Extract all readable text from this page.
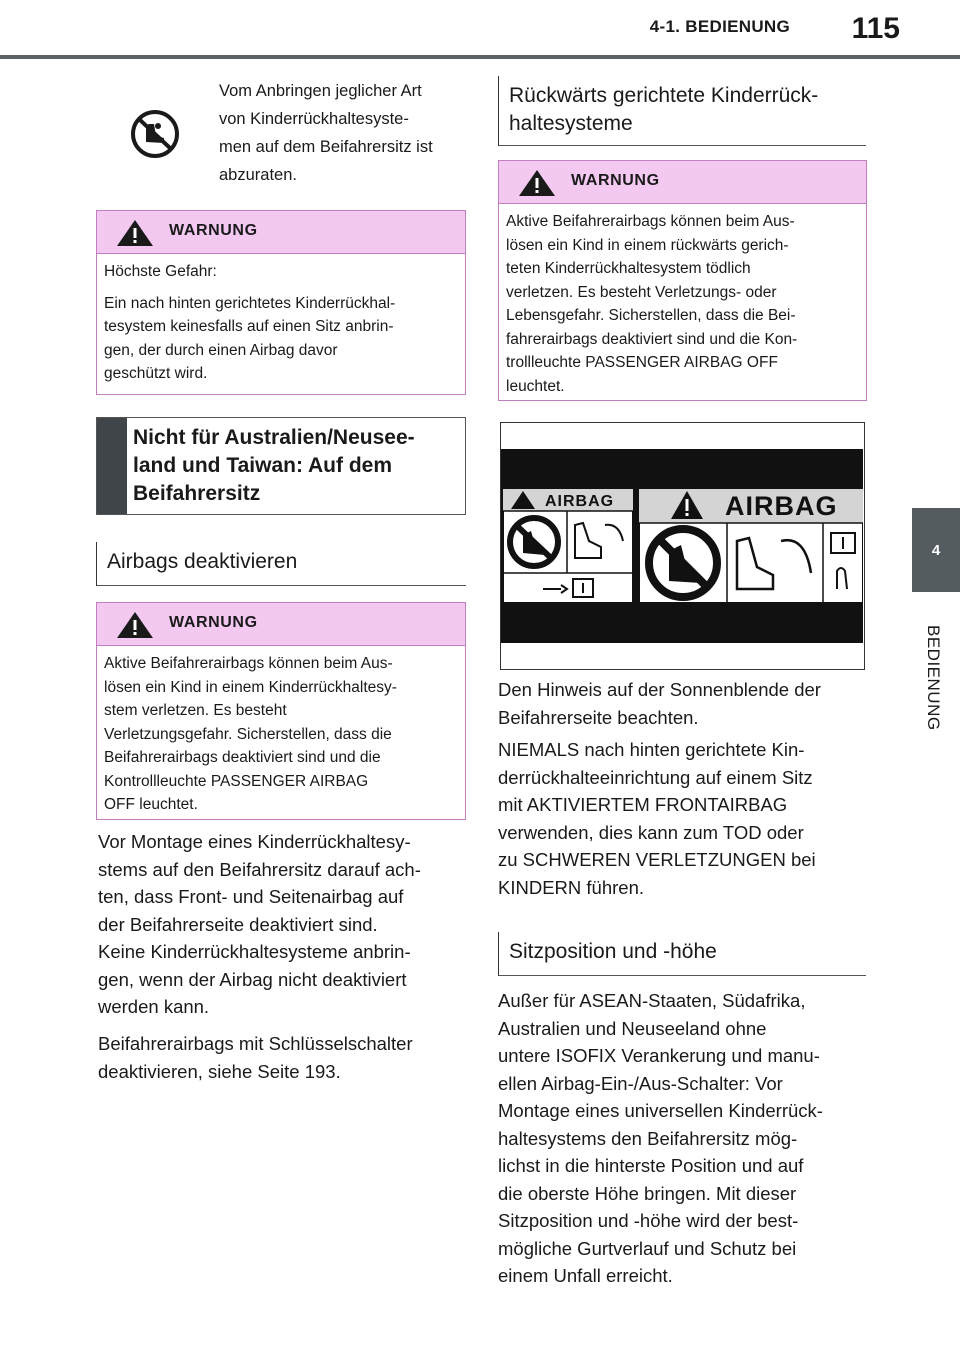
4-1. BEDIENUNG 115
4
BEDIENUNG
Vom Anbringen jeglicher Art
von Kinderrückhaltesyste-
men auf dem Beifahrersitz ist
abzuraten.
WARNUNG

Höchste Gefahr:

Ein nach hinten gerichtetes Kinderrückhal-
tesystem keinesfalls auf einen Sitz anbrin-
gen, der durch einen Airbag davor
geschützt wird.

Nicht für Australien/Neusee-
land und Taiwan: Auf dem
Beifahrersitz
Airbags deaktivieren
WARNUNG
Aktive Beifahrerairbags können beim Aus-
lösen ein Kind in einem Kinderrückhaltesy-
stem verletzen. Es besteht
Verletzungsgefahr. Sicherstellen, dass die
Beifahrerairbags deaktiviert sind und die
Kontrollleuchte PASSENGER AIRBAG
OFF leuchtet.
Vor Montage eines Kinderrückhaltesy-
stems auf den Beifahrersitz darauf ach-
ten, dass Front- und Seitenairbag auf
der Beifahrerseite deaktiviert sind.
Keine Kinderrückhaltesysteme anbrin-
gen, wenn der Airbag nicht deaktiviert
werden kann.
Beifahrerairbags mit Schlüsselschalter
deaktivieren, siehe Seite 193.
Rückwärts gerichtete Kinderrück-
haltesysteme
WARNUNG
Aktive Beifahrerairbags können beim Aus-
lösen ein Kind in einem rückwärts gerich-
teten Kinderrückhaltesystem tödlich
verletzen. Es besteht Verletzungs- oder
Lebensgefahr. Sicherstellen, dass die Bei-
fahrerairbags deaktiviert sind und die Kon-
trollleuchte PASSENGER AIRBAG OFF
leuchtet.
AIRBAG	AIRBAG
Den Hinweis auf der Sonnenblende der
Beifahrerseite beachten.
NIEMALS nach hinten gerichtete Kin-
derrückhalteeinrichtung auf einem Sitz
mit AKTIVIERTEM FRONTAIRBAG
verwenden, dies kann zum TOD oder
zu SCHWEREN VERLETZUNGEN bei
KINDERN führen.
Sitzposition und -höhe
Außer für ASEAN-Staaten, Südafrika,
Australien und Neuseeland ohne
untere ISOFIX Verankerung und manu-
ellen Airbag-Ein-/Aus-Schalter: Vor
Montage eines universellen Kinderrück-
haltesystems den Beifahrersitz mög-
lichst in die hinterste Position und auf
die oberste Höhe bringen. Mit dieser
Sitzposition und -höhe wird der best-
mögliche Gurtverlauf und Schutz bei
einem Unfall erreicht.
